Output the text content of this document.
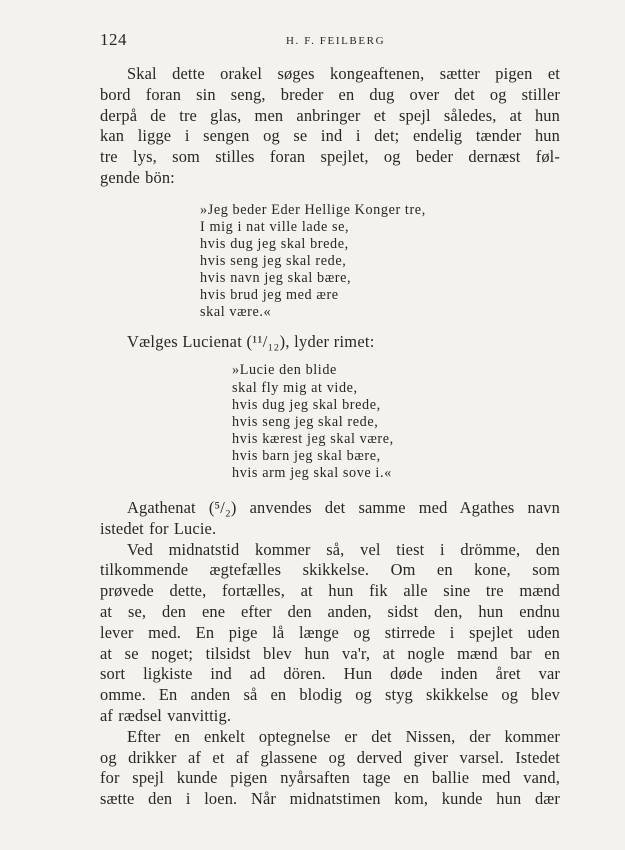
124	H. F. FEILBERG

Skal dette orakel søges kongeaftenen, sætter pigen et

bord foran sin seng, breder en dug over det og stiller

derpå de tre glas, men anbringer et spejl således, at hun

kan ligge i sengen og se ind i det; endelig tænder hun

tre lys, som stilles foran spejlet, og beder dernæst føl-

gende bön:

»Jeg beder Eder Hellige Konger tre,
I mig i nat ville lade se,
hvis dug jeg skal brede,
hvis seng jeg skal rede,
hvis navn jeg skal bære,
hvis brud jeg med ære
skal være.«
Vælges Lucienat (¹¹/₁₂), lyder rimet:
»Lucie den blide
skal fly mig at vide,
hvis dug jeg skal brede,
hvis seng jeg skal rede,
hvis kærest jeg skal være,
hvis barn jeg skal bære,
hvis arm jeg skal sove i.«

Agathenat (⁵/₂) anvendes det samme med Agathes navn

istedet for Lucie.

Ved midnatstid kommer så, vel tiest i drömme, den

tilkommende ægtefælles skikkelse. Om en kone, som

prøvede dette, fortælles, at hun fik alle sine tre mænd

at se, den ene efter den anden, sidst den, hun endnu

lever med. En pige lå længe og stirrede i spejlet uden

at se noget; tilsidst blev hun va'r, at nogle mænd bar en

sort ligkiste ind ad dören. Hun døde inden året var

omme. En anden så en blodig og styg skikkelse og blev

af rædsel vanvittig.

Efter en enkelt optegnelse er det Nissen, der kommer

og drikker af et af glassene og derved giver varsel. Istedet

for spejl kunde pigen nyårsaften tage en ballie med vand,

sætte den i loen. Når midnatstimen kom, kunde hun dær
